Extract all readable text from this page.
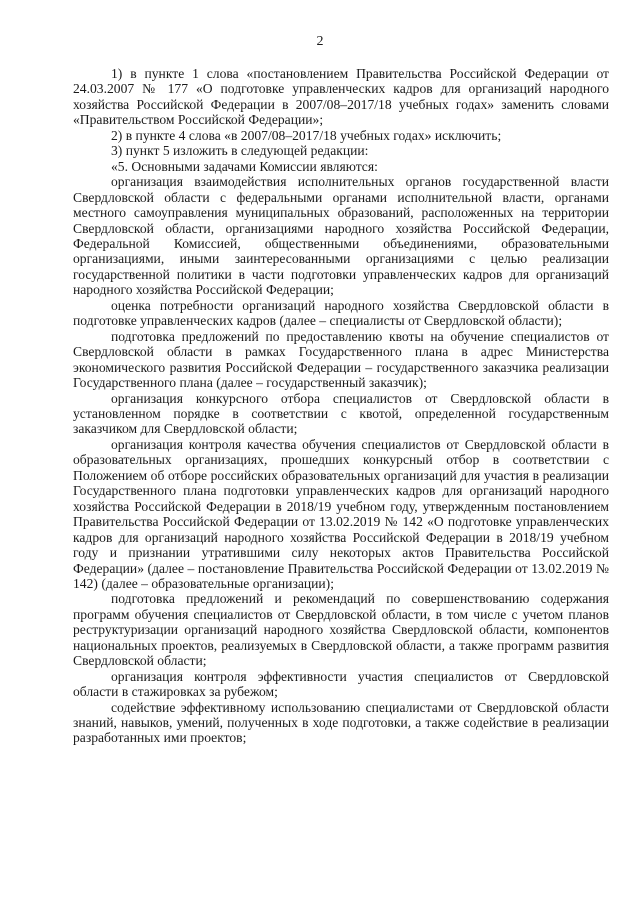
2

1) в пункте 1 слова «постановлением Правительства Российской Федерации от 24.03.2007 № 177 «О подготовке управленческих кадров для организаций народного хозяйства Российской Федерации в 2007/08–2017/18 учебных годах» заменить словами «Правительством Российской Федерации»;

2) в пункте 4 слова «в 2007/08–2017/18 учебных годах» исключить;

3) пункт 5 изложить в следующей редакции:

«5. Основными задачами Комиссии являются:

организация взаимодействия исполнительных органов государственной власти Свердловской области с федеральными органами исполнительной власти, органами местного самоуправления муниципальных образований, расположенных на территории Свердловской области, организациями народного хозяйства Российской Федерации, Федеральной Комиссией, общественными объединениями, образовательными организациями, иными заинтересованными организациями с целью реализации государственной политики в части подготовки управленческих кадров для организаций народного хозяйства Российской Федерации;

оценка потребности организаций народного хозяйства Свердловской области в подготовке управленческих кадров (далее – специалисты от Свердловской области);

подготовка предложений по предоставлению квоты на обучение специалистов от Свердловской области в рамках Государственного плана в адрес Министерства экономического развития Российской Федерации – государственного заказчика реализации Государственного плана (далее – государственный заказчик);

организация конкурсного отбора специалистов от Свердловской области в установленном порядке в соответствии с квотой, определенной государственным заказчиком для Свердловской области;

организация контроля качества обучения специалистов от Свердловской области в образовательных организациях, прошедших конкурсный отбор в соответствии с Положением об отборе российских образовательных организаций для участия в реализации Государственного плана подготовки управленческих кадров для организаций народного хозяйства Российской Федерации в 2018/19 учебном году, утвержденным постановлением Правительства Российской Федерации от 13.02.2019 № 142 «О подготовке управленческих кадров для организаций народного хозяйства Российской Федерации в 2018/19 учебном году и признании утратившими силу некоторых актов Правительства Российской Федерации» (далее – постановление Правительства Российской Федерации от 13.02.2019 № 142) (далее – образовательные организации);

подготовка предложений и рекомендаций по совершенствованию содержания программ обучения специалистов от Свердловской области, в том числе с учетом планов реструктуризации организаций народного хозяйства Свердловской области, компонентов национальных проектов, реализуемых в Свердловской области, а также программ развития Свердловской области;

организация контроля эффективности участия специалистов от Свердловской области в стажировках за рубежом;

содействие эффективному использованию специалистами от Свердловской области знаний, навыков, умений, полученных в ходе подготовки, а также содействие в реализации разработанных ими проектов;
